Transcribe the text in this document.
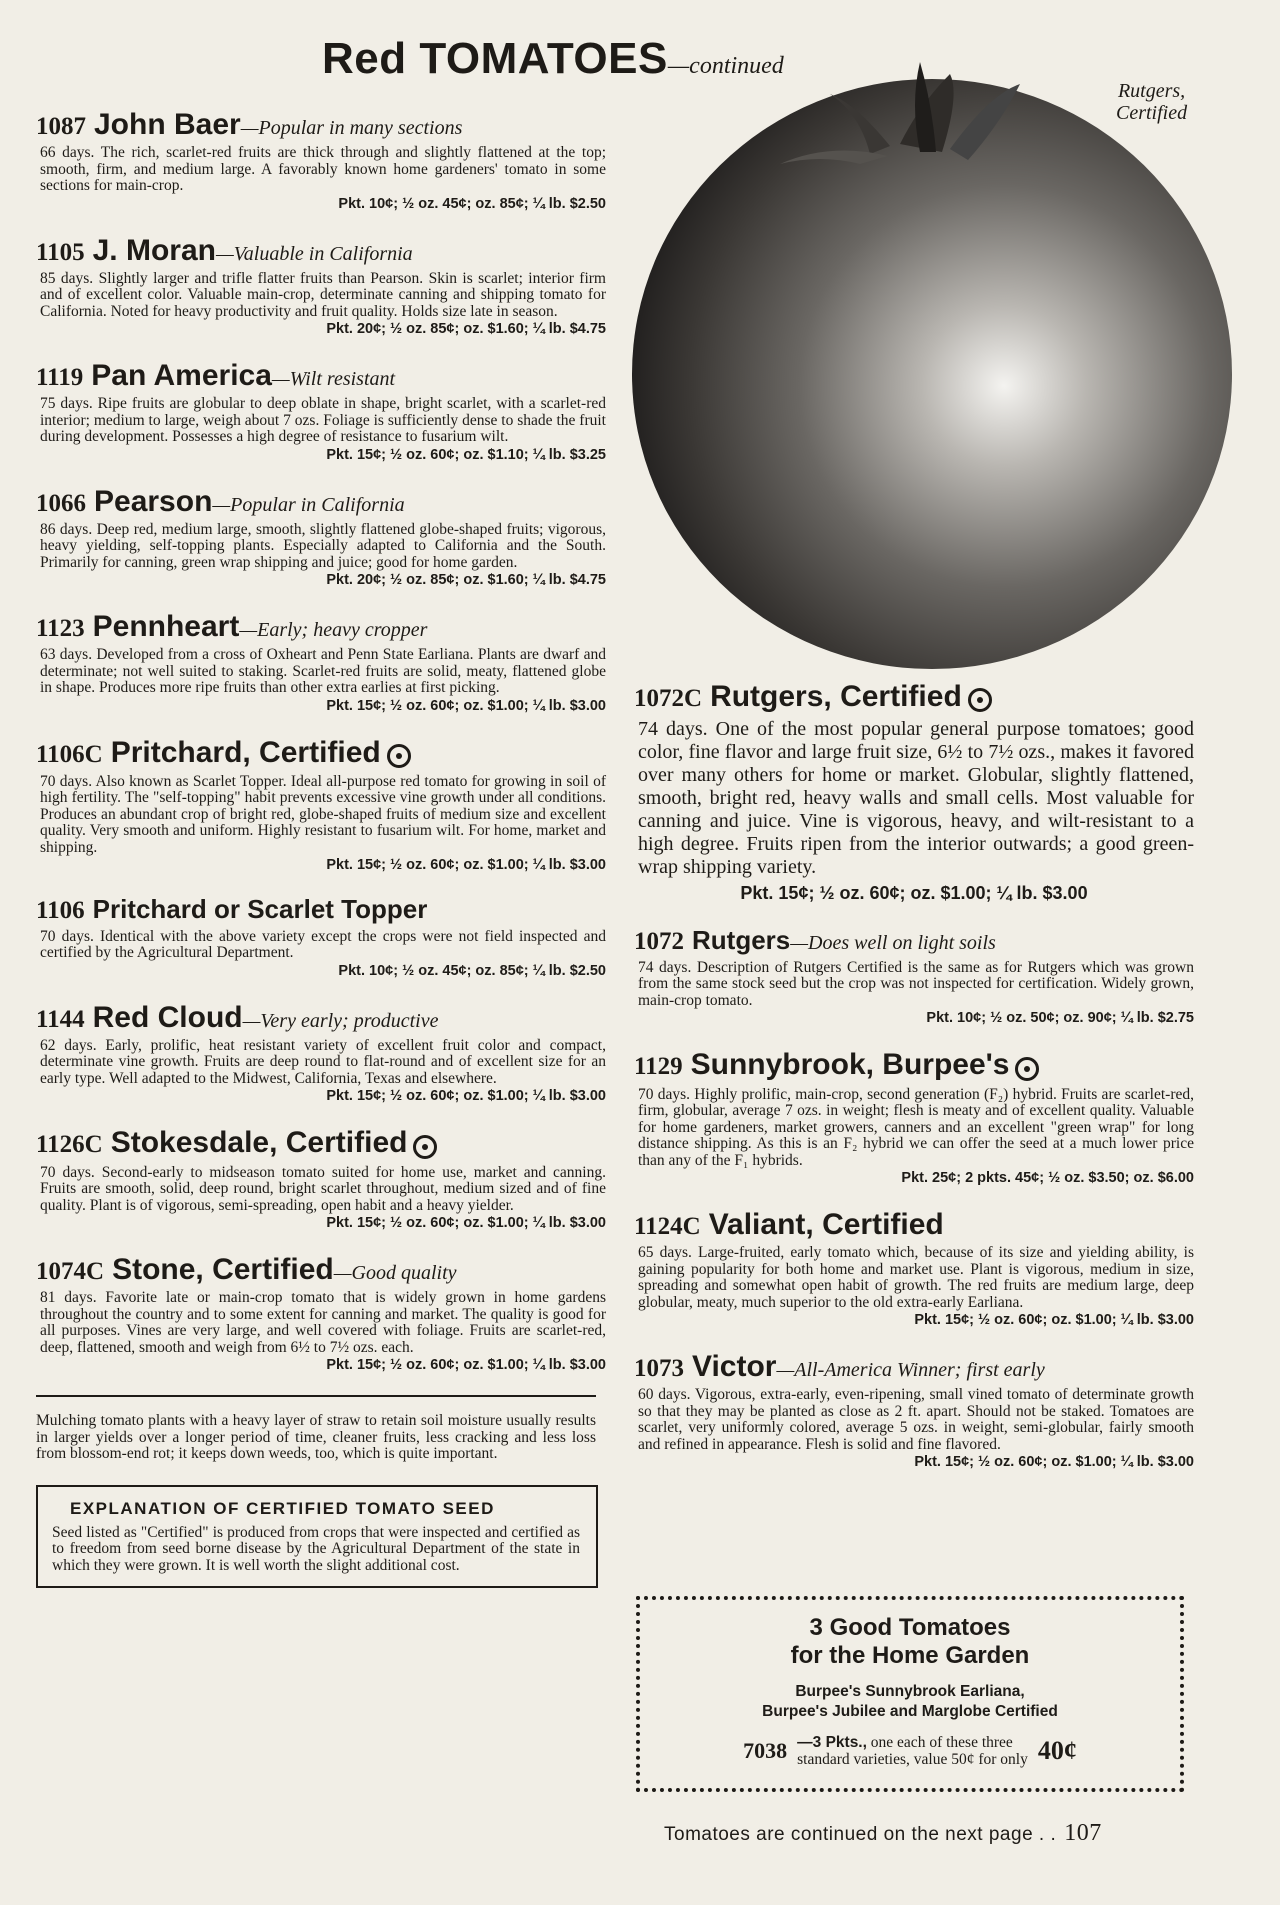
Red TOMATOES—continued
Rutgers,
Certified
1087 John Baer—Popular in many sections

66 days. The rich, scarlet-red fruits are thick through and slightly flattened at the top; smooth, firm, and medium large. A favorably known home gardeners' tomato in some sections for main-crop.

Pkt. 10¢; ½ oz. 45¢; oz. 85¢; ¼ lb. $2.50
1105 J. Moran—Valuable in California

85 days. Slightly larger and trifle flatter fruits than Pearson. Skin is scarlet; interior firm and of excellent color. Valuable main-crop, determinate canning and shipping tomato for California. Noted for heavy productivity and fruit quality. Holds size late in season.

Pkt. 20¢; ½ oz. 85¢; oz. $1.60; ¼ lb. $4.75
1119 Pan America—Wilt resistant

75 days. Ripe fruits are globular to deep oblate in shape, bright scarlet, with a scarlet-red interior; medium to large, weigh about 7 ozs. Foliage is sufficiently dense to shade the fruit during development. Possesses a high degree of resistance to fusarium wilt.

Pkt. 15¢; ½ oz. 60¢; oz. $1.10; ¼ lb. $3.25
1066 Pearson—Popular in California

86 days. Deep red, medium large, smooth, slightly flattened globe-shaped fruits; vigorous, heavy yielding, self-topping plants. Especially adapted to California and the South. Primarily for canning, green wrap shipping and juice; good for home garden.

Pkt. 20¢; ½ oz. 85¢; oz. $1.60; ¼ lb. $4.75
1123 Pennheart—Early; heavy cropper

63 days. Developed from a cross of Oxheart and Penn State Earliana. Plants are dwarf and determinate; not well suited to staking. Scarlet-red fruits are solid, meaty, flattened globe in shape. Produces more ripe fruits than other extra earlies at first picking.

Pkt. 15¢; ½ oz. 60¢; oz. $1.00; ¼ lb. $3.00
1106C Pritchard, Certified

70 days. Also known as Scarlet Topper. Ideal all-purpose red tomato for growing in soil of high fertility. The "self-topping" habit prevents excessive vine growth under all conditions. Produces an abundant crop of bright red, globe-shaped fruits of medium size and excellent quality. Very smooth and uniform. Highly resistant to fusarium wilt. For home, market and shipping.

Pkt. 15¢; ½ oz. 60¢; oz. $1.00; ¼ lb. $3.00
1106 Pritchard or Scarlet Topper

70 days. Identical with the above variety except the crops were not field inspected and certified by the Agricultural Department.

Pkt. 10¢; ½ oz. 45¢; oz. 85¢; ¼ lb. $2.50
1144 Red Cloud—Very early; productive

62 days. Early, prolific, heat resistant variety of excellent fruit color and compact, determinate vine growth. Fruits are deep round to flat-round and of excellent size for an early type. Well adapted to the Midwest, California, Texas and elsewhere.

Pkt. 15¢; ½ oz. 60¢; oz. $1.00; ¼ lb. $3.00
1126C Stokesdale, Certified

70 days. Second-early to midseason tomato suited for home use, market and canning. Fruits are smooth, solid, deep round, bright scarlet throughout, medium sized and of fine quality. Plant is of vigorous, semi-spreading, open habit and a heavy yielder.

Pkt. 15¢; ½ oz. 60¢; oz. $1.00; ¼ lb. $3.00
1074C Stone, Certified—Good quality

81 days. Favorite late or main-crop tomato that is widely grown in home gardens throughout the country and to some extent for canning and market. The quality is good for all purposes. Vines are very large, and well covered with foliage. Fruits are scarlet-red, deep, flattened, smooth and weigh from 6½ to 7½ ozs. each.

Pkt. 15¢; ½ oz. 60¢; oz. $1.00; ¼ lb. $3.00

Mulching tomato plants with a heavy layer of straw to retain soil moisture usually results in larger yields over a longer period of time, cleaner fruits, less cracking and less loss from blossom-end rot; it keeps down weeds, too, which is quite important.

EXPLANATION OF CERTIFIED TOMATO SEED

Seed listed as "Certified" is produced from crops that were inspected and certified as to freedom from seed borne disease by the Agricultural Department of the state in which they were grown. It is well worth the slight additional cost.

1072C Rutgers, Certified

74 days. One of the most popular general purpose tomatoes; good color, fine flavor and large fruit size, 6½ to 7½ ozs., makes it favored over many others for home or market. Globular, slightly flattened, smooth, bright red, heavy walls and small cells. Most valuable for canning and juice. Vine is vigorous, heavy, and wilt-resistant to a high degree. Fruits ripen from the interior outwards; a good green-wrap shipping variety.

Pkt. 15¢; ½ oz. 60¢; oz. $1.00; ¼ lb. $3.00
1072 Rutgers—Does well on light soils

74 days. Description of Rutgers Certified is the same as for Rutgers which was grown from the same stock seed but the crop was not inspected for certification. Widely grown, main-crop tomato.

Pkt. 10¢; ½ oz. 50¢; oz. 90¢; ¼ lb. $2.75
1129 Sunnybrook, Burpee's

70 days. Highly prolific, main-crop, second generation (F₂) hybrid. Fruits are scarlet-red, firm, globular, average 7 ozs. in weight; flesh is meaty and of excellent quality. Valuable for home gardeners, market growers, canners and an excellent "green wrap" for long distance shipping. As this is an F₂ hybrid we can offer the seed at a much lower price than any of the F₁ hybrids.

Pkt. 25¢; 2 pkts. 45¢; ½ oz. $3.50; oz. $6.00
1124C Valiant, Certified

65 days. Large-fruited, early tomato which, because of its size and yielding ability, is gaining popularity for both home and market use. Plant is vigorous, medium in size, spreading and somewhat open habit of growth. The red fruits are medium large, deep globular, meaty, much superior to the old extra-early Earliana.

Pkt. 15¢; ½ oz. 60¢; oz. $1.00; ¼ lb. $3.00
1073 Victor—All-America Winner; first early

60 days. Vigorous, extra-early, even-ripening, small vined tomato of determinate growth so that they may be planted as close as 2 ft. apart. Should not be staked. Tomatoes are scarlet, very uniformly colored, average 5 ozs. in weight, semi-globular, fairly smooth and refined in appearance. Flesh is solid and fine flavored.

Pkt. 15¢; ½ oz. 60¢; oz. $1.00; ¼ lb. $3.00
3 Good Tomatoes
for the Home Garden
Burpee's Sunnybrook Earliana,
Burpee's Jubilee and Marglobe Certified
7038 —3 Pkts., one each of these three
standard varieties, value 50¢ for only 40¢
Tomatoes are continued on the next page . . 107
